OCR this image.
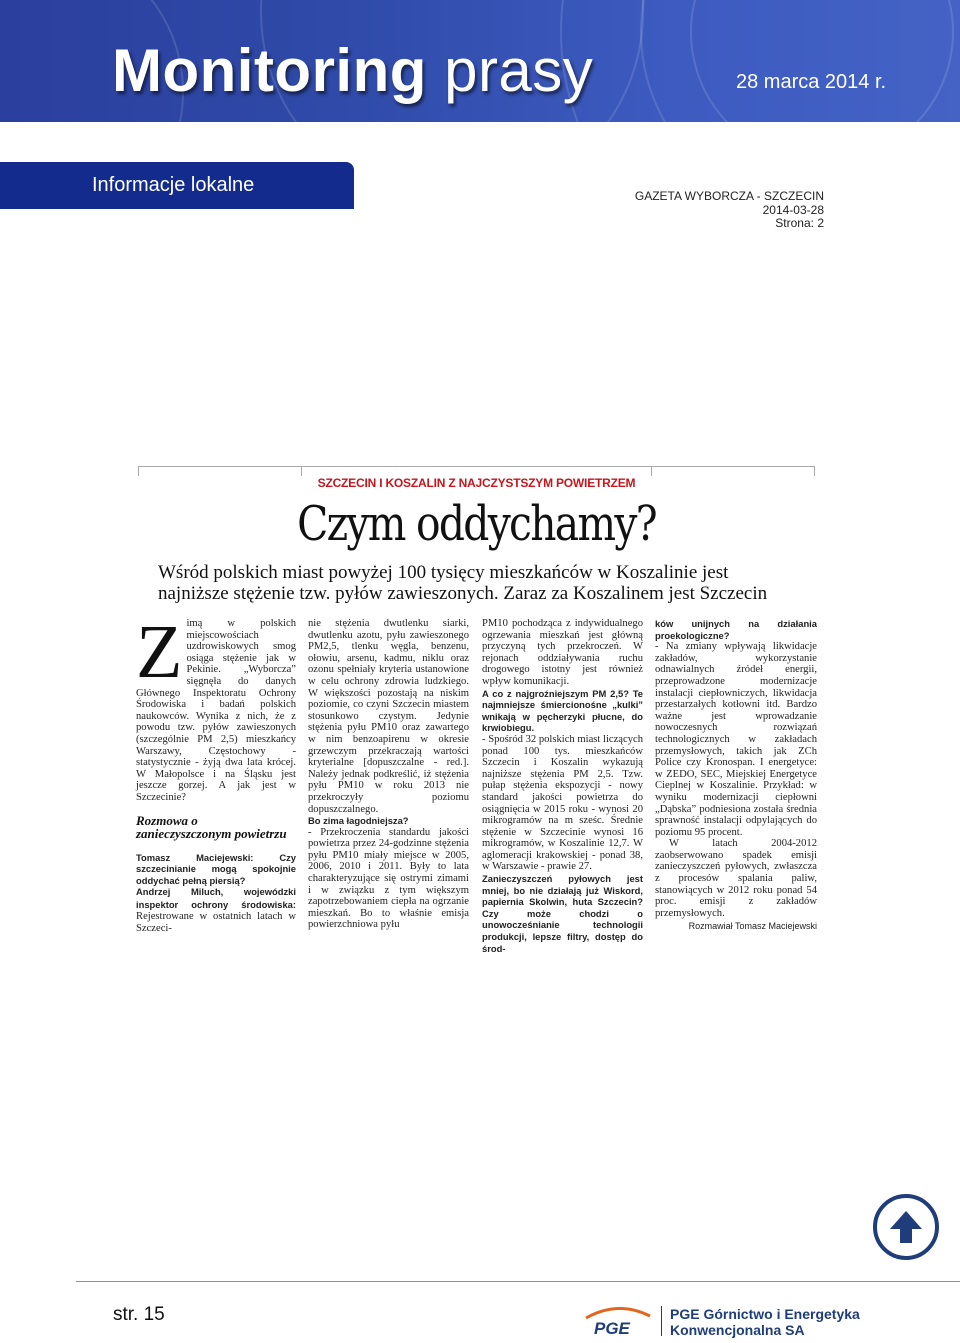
Monitoring prasy	28 marca 2014 r.
Informacje lokalne	GAZETA WYBORCZA - SZCZECIN
2014-03-28
Strona: 2
SZCZECIN I KOSZALIN Z NAJCZYSTSZYM POWIETRZEM
Czym oddychamy?
Wśród polskich miast powyżej 100 tysięcy mieszkańców w Koszalinie jest najniższe stężenie tzw. pyłów zawieszonych. Zaraz za Koszalinem jest Szczecin
Zimą w polskich miejscowościach uzdrowiskowych smog osiąga stężenie jak w Pekinie. „Wyborcza” sięgnęła do danych Głównego Inspektoratu Ochrony Środowiska i badań polskich naukowców. Wynika z nich, że z powodu tzw. pyłów zawieszonych (szczególnie PM 2,5) mieszkańcy Warszawy, Częstochowy - statystycznie - żyją dwa lata krócej. W Małopolsce i na Śląsku jest jeszcze gorzej. A jak jest w Szczecinie?
Rozmowa o zanieczyszczonym powietrzu
Tomasz Maciejewski: Czy szczecinianie mogą spokojnie oddychać pełną piersią?
Andrzej Miluch, wojewódzki inspektor ochrony środowiska: Rejestrowane w ostatnich latach w Szczeci-
nie stężenia dwutlenku siarki, dwutlenku azotu, pyłu zawieszonego PM2,5, tlenku węgla, benzenu, ołowiu, arsenu, kadmu, niklu oraz ozonu spełniały kryteria ustanowione w celu ochrony zdrowia ludzkiego. W większości pozostają na niskim poziomie, co czyni Szczecin miastem stosunkowo czystym. Jedynie stężenia pyłu PM10 oraz zawartego w nim benzoapirenu w okresie grzewczym przekraczają wartości kryterialne [dopuszczalne - red.]. Należy jednak podkreślić, iż stężenia pyłu PM10 w roku 2013 nie przekroczyły poziomu dopuszczalnego.
Bo zima łagodniejsza?
- Przekroczenia standardu jakości powietrza przez 24-godzinne stężenia pyłu PM10 miały miejsce w 2005, 2006, 2010 i 2011. Były to lata charakteryzujące się ostrymi zimami i w związku z tym większym zapotrzebowaniem ciepła na ogrzanie mieszkań. Bo to właśnie emisja powierzchniowa pyłu
PM10 pochodząca z indywidualnego ogrzewania mieszkań jest główną przyczyną tych przekroczeń. W rejonach oddziaływania ruchu drogowego istotny jest również wpływ komunikacji.
A co z najgroźniejszym PM 2,5? Te najmniejsze śmiercionośne „kulki” wnikają w pęcherzyki płucne, do krwiobiegu.
- Spośród 32 polskich miast liczących ponad 100 tys. mieszkańców Szczecin i Koszalin wykazują najniższe stężenia PM 2,5. Tzw. pułap stężenia ekspozycji - nowy standard jakości powietrza do osiągnięcia w 2015 roku - wynosi 20 mikrogramów na m sześc. Średnie stężenie w Szczecinie wynosi 16 mikrogramów, w Koszalinie 12,7. W aglomeracji krakowskiej - ponad 38, w Warszawie - prawie 27.
Zanieczyszczeń pyłowych jest mniej, bo nie działają już Wiskord, papiernia Skolwin, huta Szczecin? Czy może chodzi o unowocześnianie technologii produkcji, lepsze filtry, dostęp do środ-
ków unijnych na działania proekologiczne?
- Na zmiany wpływają likwidacje zakładów, wykorzystanie odnawialnych źródeł energii, przeprowadzone modernizacje instalacji ciepłowniczych, likwidacja przestarzałych kotłowni itd. Bardzo ważne jest wprowadzanie nowoczesnych rozwiązań technologicznych w zakładach przemysłowych, takich jak ZCh Police czy Kronospan. I energetyce: w ZEDO, SEC, Miejskiej Energetyce Cieplnej w Koszalinie. Przykład: w wyniku modernizacji ciepłowni „Dąbska” podniesiona została średnia sprawność instalacji odpylających do poziomu 95 procent.
W latach 2004-2012 zaobserwowano spadek emisji zanieczyszczeń pyłowych, zwłaszcza z procesów spalania paliw, stanowiących w 2012 roku ponad 54 proc. emisji z zakładów przemysłowych.
Rozmawiał Tomasz Maciejewski
str. 15
PGE
PGE Górnictwo i Energetyka
Konwencjonalna SA
